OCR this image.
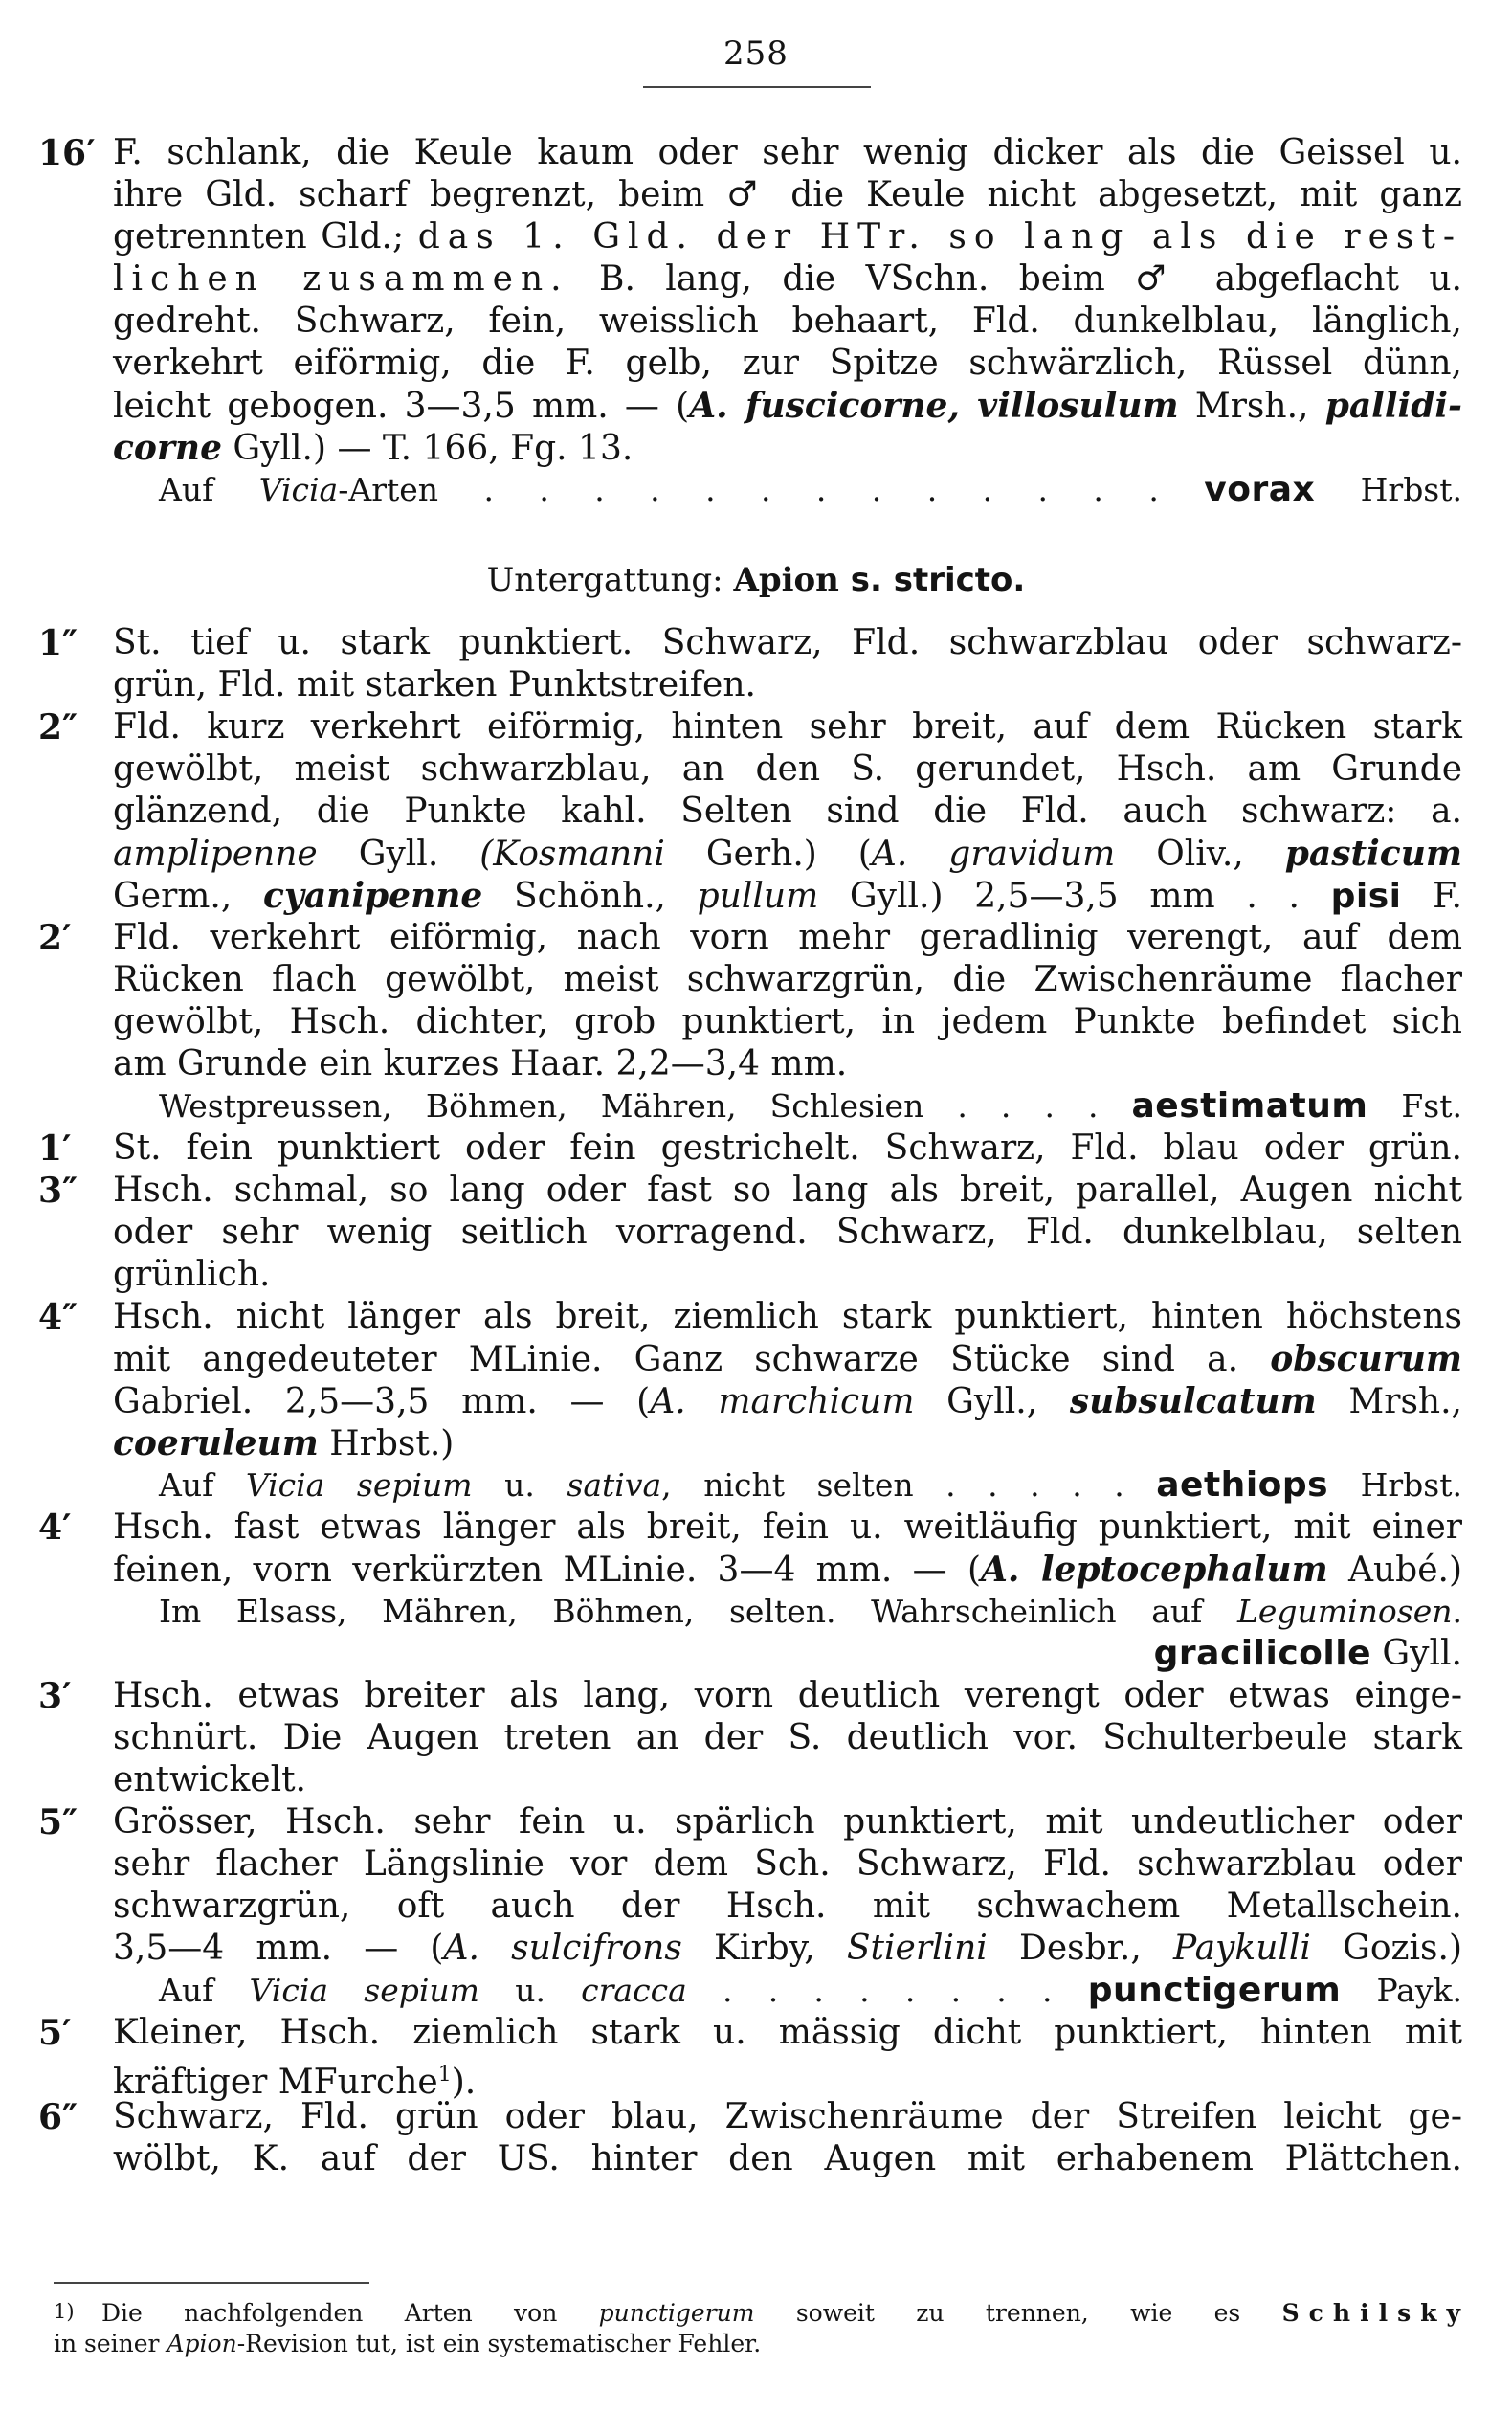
258
16′ F. schlank, die Keule kaum oder sehr wenig dicker als die Geissel u.
ihre Gld. scharf begrenzt, beim ♂ die Keule nicht abgesetzt, mit ganz
getrennten Gld.; das 1. Gld. der HTr. so lang als die rest-
lichen zusammen. B. lang, die VSchn. beim ♂ abgeflacht u.
gedreht. Schwarz, fein, weisslich behaart, Fld. dunkelblau, länglich,
verkehrt eiförmig, die F. gelb, zur Spitze schwärzlich, Rüssel dünn,
leicht gebogen. 3—3,5 mm. — (A. fuscicorne, villosulum Mrsh., pallidi-
corne Gyll.) — T. 166, Fg. 13.
Auf Vicia-Arten . . . . . . . . . . . . . vorax Hrbst.
Untergattung: Apion s. stricto.
1″	St. tief u. stark punktiert. Schwarz, Fld. schwarzblau oder schwarz-
grün, Fld. mit starken Punktstreifen.
2″	Fld. kurz verkehrt eiförmig, hinten sehr breit, auf dem Rücken stark
gewölbt, meist schwarzblau, an den S. gerundet, Hsch. am Grunde
glänzend, die Punkte kahl. Selten sind die Fld. auch schwarz: a.
amplipenne Gyll. (Kosmanni Gerh.) (A. gravidum Oliv., pasticum
Germ., cyanipenne Schönh., pullum Gyll.) 2,5—3,5 mm . . pisi F.
2′	Fld. verkehrt eiförmig, nach vorn mehr geradlinig verengt, auf dem
Rücken flach gewölbt, meist schwarzgrün, die Zwischenräume flacher
gewölbt, Hsch. dichter, grob punktiert, in jedem Punkte befindet sich
am Grunde ein kurzes Haar. 2,2—3,4 mm.
Westpreussen, Böhmen, Mähren, Schlesien . . . . aestimatum Fst.
1′	St. fein punktiert oder fein gestrichelt. Schwarz, Fld. blau oder grün.
3″	Hsch. schmal, so lang oder fast so lang als breit, parallel, Augen nicht
oder sehr wenig seitlich vorragend. Schwarz, Fld. dunkelblau, selten
grünlich.
4″	Hsch. nicht länger als breit, ziemlich stark punktiert, hinten höchstens
mit angedeuteter MLinie. Ganz schwarze Stücke sind a. obscurum
Gabriel. 2,5—3,5 mm. — (A. marchicum Gyll., subsulcatum Mrsh.,
coeruleum Hrbst.)
Auf Vicia sepium u. sativa, nicht selten . . . . . aethiops Hrbst.
4′	Hsch. fast etwas länger als breit, fein u. weitläufig punktiert, mit einer
feinen, vorn verkürzten MLinie. 3—4 mm. — (A. leptocephalum Aubé.)
Im Elsass, Mähren, Böhmen, selten. Wahrscheinlich auf Leguminosen.
gracilicolle Gyll.
3′	Hsch. etwas breiter als lang, vorn deutlich verengt oder etwas einge-
schnürt. Die Augen treten an der S. deutlich vor. Schulterbeule stark
entwickelt.
5″	Grösser, Hsch. sehr fein u. spärlich punktiert, mit undeutlicher oder
sehr flacher Längslinie vor dem Sch. Schwarz, Fld. schwarzblau oder
schwarzgrün, oft auch der Hsch. mit schwachem Metallschein.
3,5—4 mm. — (A. sulcifrons Kirby, Stierlini Desbr., Paykulli Gozis.)
Auf Vicia sepium u. cracca . . . . . . . . punctigerum Payk.
5′	Kleiner, Hsch. ziemlich stark u. mässig dicht punktiert, hinten mit
kräftiger MFurche$^1$).
6″	Schwarz, Fld. grün oder blau, Zwischenräume der Streifen leicht ge-
wölbt, K. auf der US. hinter den Augen mit erhabenem Plättchen.
1) Die nachfolgenden Arten von punctigerum soweit zu trennen, wie es Schilsky
in seiner Apion-Revision tut, ist ein systematischer Fehler.
